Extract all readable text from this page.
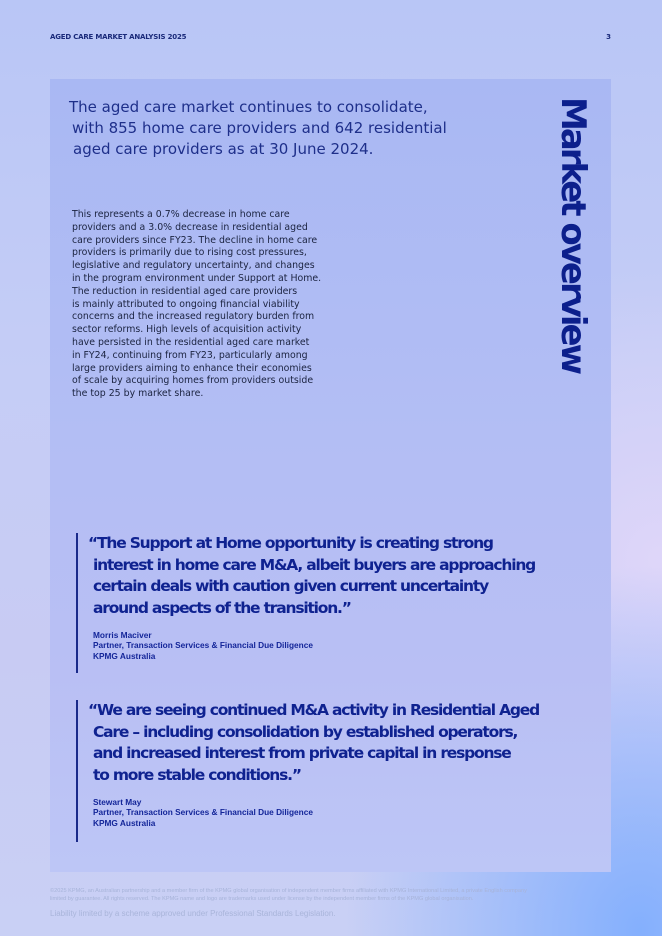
AGED CARE MARKET ANALYSIS 2025	3
The aged care market continues to consolidate,
with 855 home care providers and 642 residential
aged care providers as at 30 June 2024.

This represents a 0.7% decrease in home care
providers and a 3.0% decrease in residential aged
care providers since FY23. The decline in home care
providers is primarily due to rising cost pressures,
legislative and regulatory uncertainty, and changes
in the program environment under Support at Home.
The reduction in residential aged care providers
is mainly attributed to ongoing financial viability
concerns and the increased regulatory burden from
sector reforms. High levels of acquisition activity
have persisted in the residential aged care market
in FY24, continuing from FY23, particularly among
large providers aiming to enhance their economies
of scale by acquiring homes from providers outside
the top 25 by market share.

Market overview

“The Support at Home opportunity is creating strong
interest in home care M&A, albeit buyers are approaching
certain deals with caution given current uncertainty
around aspects of the transition.”

Morris Maciver
Partner, Transaction Services & Financial Due Diligence
KPMG Australia

“We are seeing continued M&A activity in Residential Aged
Care – including consolidation by established operators,
and increased interest from private capital in response
to more stable conditions.”

Stewart May
Partner, Transaction Services & Financial Due Diligence
KPMG Australia
©2025 KPMG, an Australian partnership and a member firm of the KPMG global organisation of independent member firms affiliated with KPMG International Limited, a private English company
limited by guarantee. All rights reserved. The KPMG name and logo are trademarks used under license by the independent member firms of the KPMG global organisation.
Liability limited by a scheme approved under Professional Standards Legislation.
